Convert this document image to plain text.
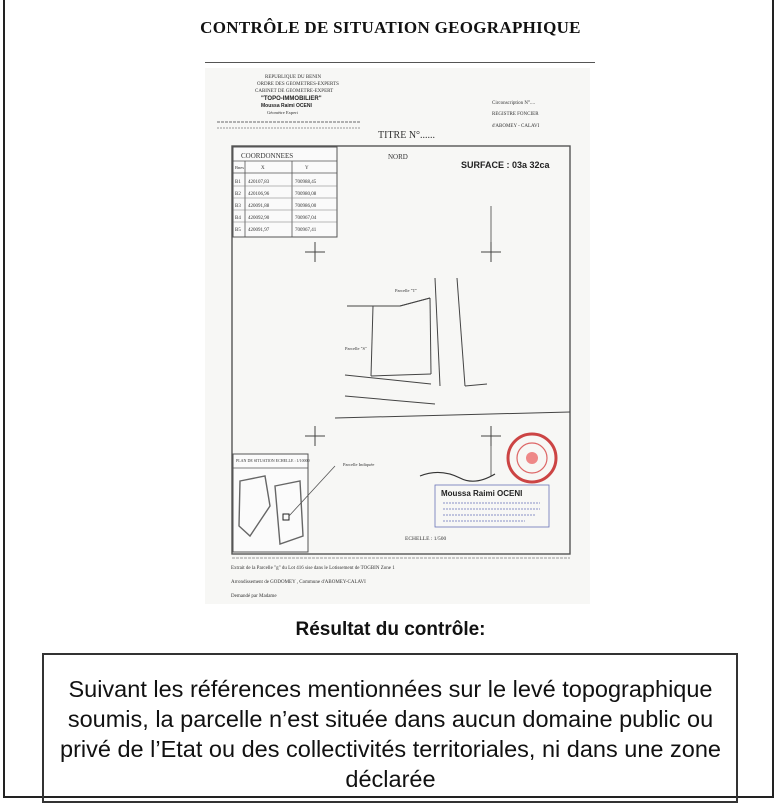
CONTRÔLE DE SITUATION GEOGRAPHIQUE
REPUBLIQUE DU BENIN
ORDRE DES GEOMETRES-EXPERTS
CABINET DE GEOMETRE-EXPERT
"TOPO-IMMOBILIER"
Moussa Raimi OCENI
Géomètre Expert
Circonscription N°....
REGISTRE FONCIER
d'ABOMEY - CALAVI
TITRE N°......
COORDONNEES
Bnes	X	Y
B1 420107,83	700988,45
B2 420106,96	700980,08
B3 420091,88	700986,00
B4 420092,90	700967,04
B5 420091,97	700967,41
NORD
SURFACE : 03a 32ca
Parcelle "T"
Parcelle "S"
PLAN DE SITUATION ECHELLE : 1/10000
Parcelle Indiquée
Moussa Raimi OCENI
ECHELLE : 1/500
Extrait de la Parcelle "g" du Lot 416 sise dans le Lotissement de TOGBIN Zone 1
Arrondissement de GODOMEY , Commune d'ABOMEY-CALAVI
Demandé par Madame
Résultat du contrôle:
Suivant les références mentionnées sur le levé topographique soumis, la parcelle n’est située dans aucun domaine public ou privé de l’Etat ou des collectivités territoriales, ni dans une zone déclarée
